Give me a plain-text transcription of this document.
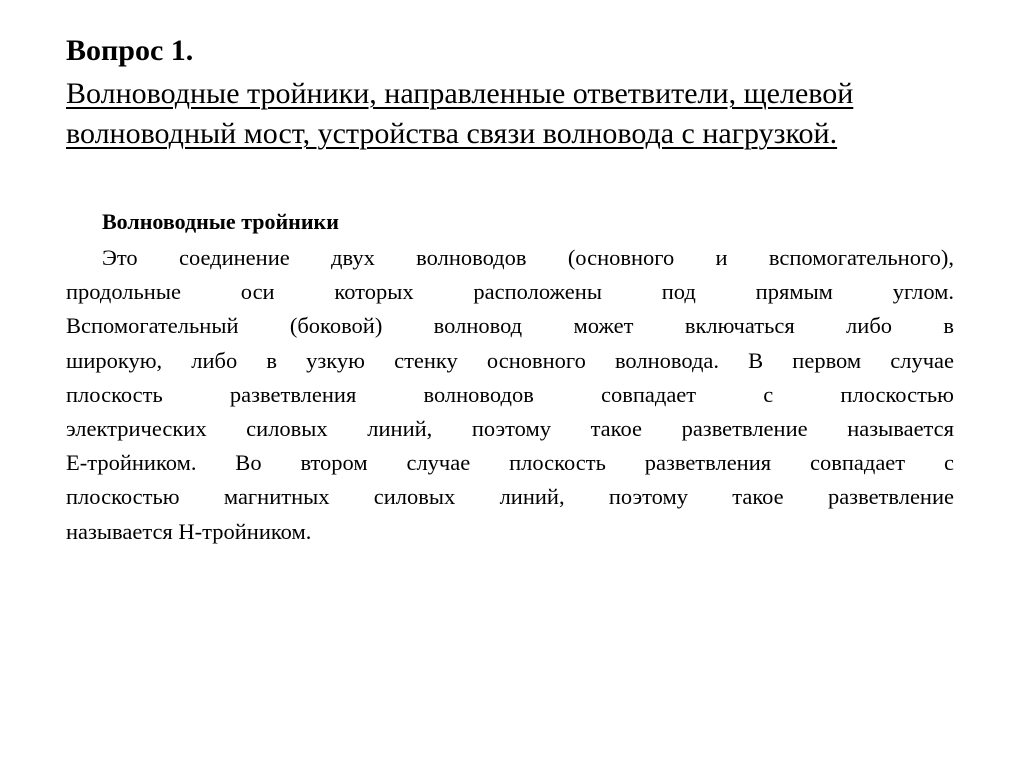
Вопрос 1.

Волноводные тройники, направленные ответвители, щелевой
волноводный мост, устройства связи волновода с нагрузкой.

Волноводные тройники
Это соединение двух волноводов (основного и вспомогательного),
продольные оси которых расположены под прямым углом.
Вспомогательный (боковой) волновод может включаться либо в
широкую, либо в узкую стенку основного волновода. В первом случае
плоскость разветвления волноводов совпадает с плоскостью
электрических силовых линий, поэтому такое разветвление называется
Е-тройником. Во втором случае плоскость разветвления совпадает с
плоскостью магнитных силовых линий, поэтому такое разветвление
называется Н-тройником.
